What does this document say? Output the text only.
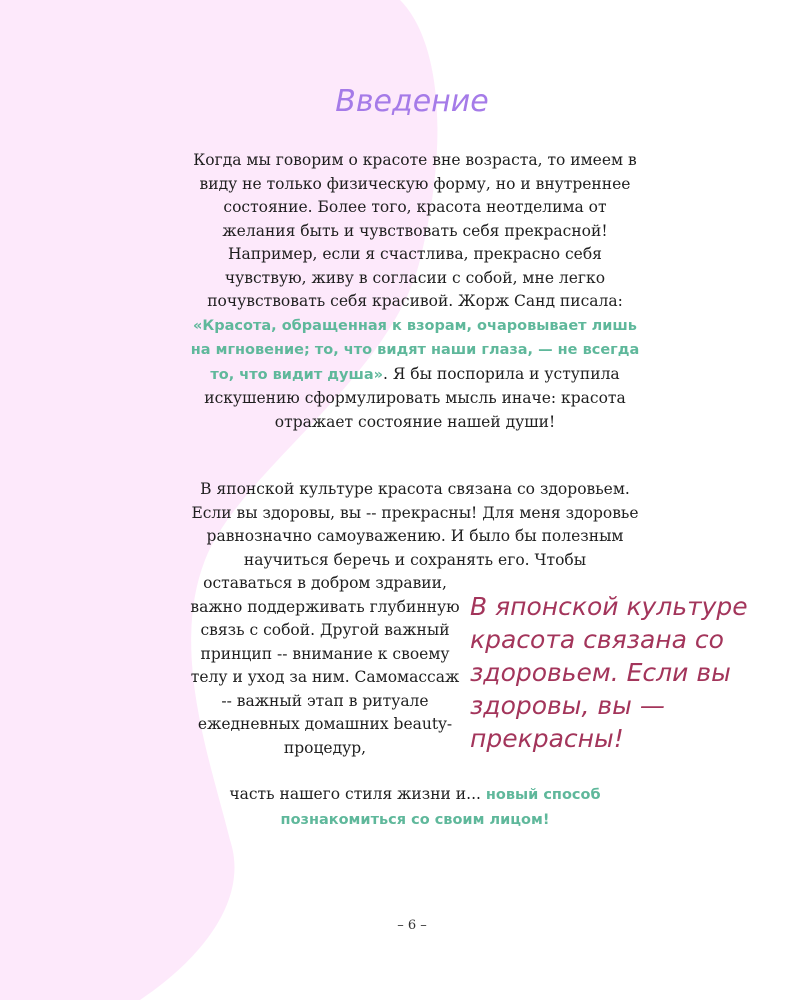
Введение

Когда мы говорим о красоте вне возраста, то имеем в виду не только физическую форму, но и внутреннее состояние. Более того, красота неотделима от желания быть и чувствовать себя прекрасной! Например, если я счастлива, прекрасно себя чувствую, живу в согласии с собой, мне легко почувствовать себя красивой. Жорж Санд писала: «Красота, обращенная к взорам, очаровывает лишь на мгновение; то, что видят наши глаза, — не всегда то, что видит душа». Я бы поспорила и уступила искушению сформулировать мысль иначе: красота отражает состояние нашей души!

В японской культуре красота связана со здоровьем. Если вы здоровы, вы -- прекрасны! Для меня здоровье равнозначно самоуважению. И было бы полезным научиться беречь и сохранять его. Чтобы

оставаться в добром здравии, важно поддерживать глубинную связь с собой. Другой важный принцип -- внимание к своему телу и уход за ним. Самомассаж -- важный этап в ритуале ежедневных домашних beauty-процедур,

часть нашего стиля жизни и... новый способ познакомиться со своим лицом!

В японской культуре красота связана со здоровьем. Если вы здоровы, вы — прекрасны!

– 6 –
